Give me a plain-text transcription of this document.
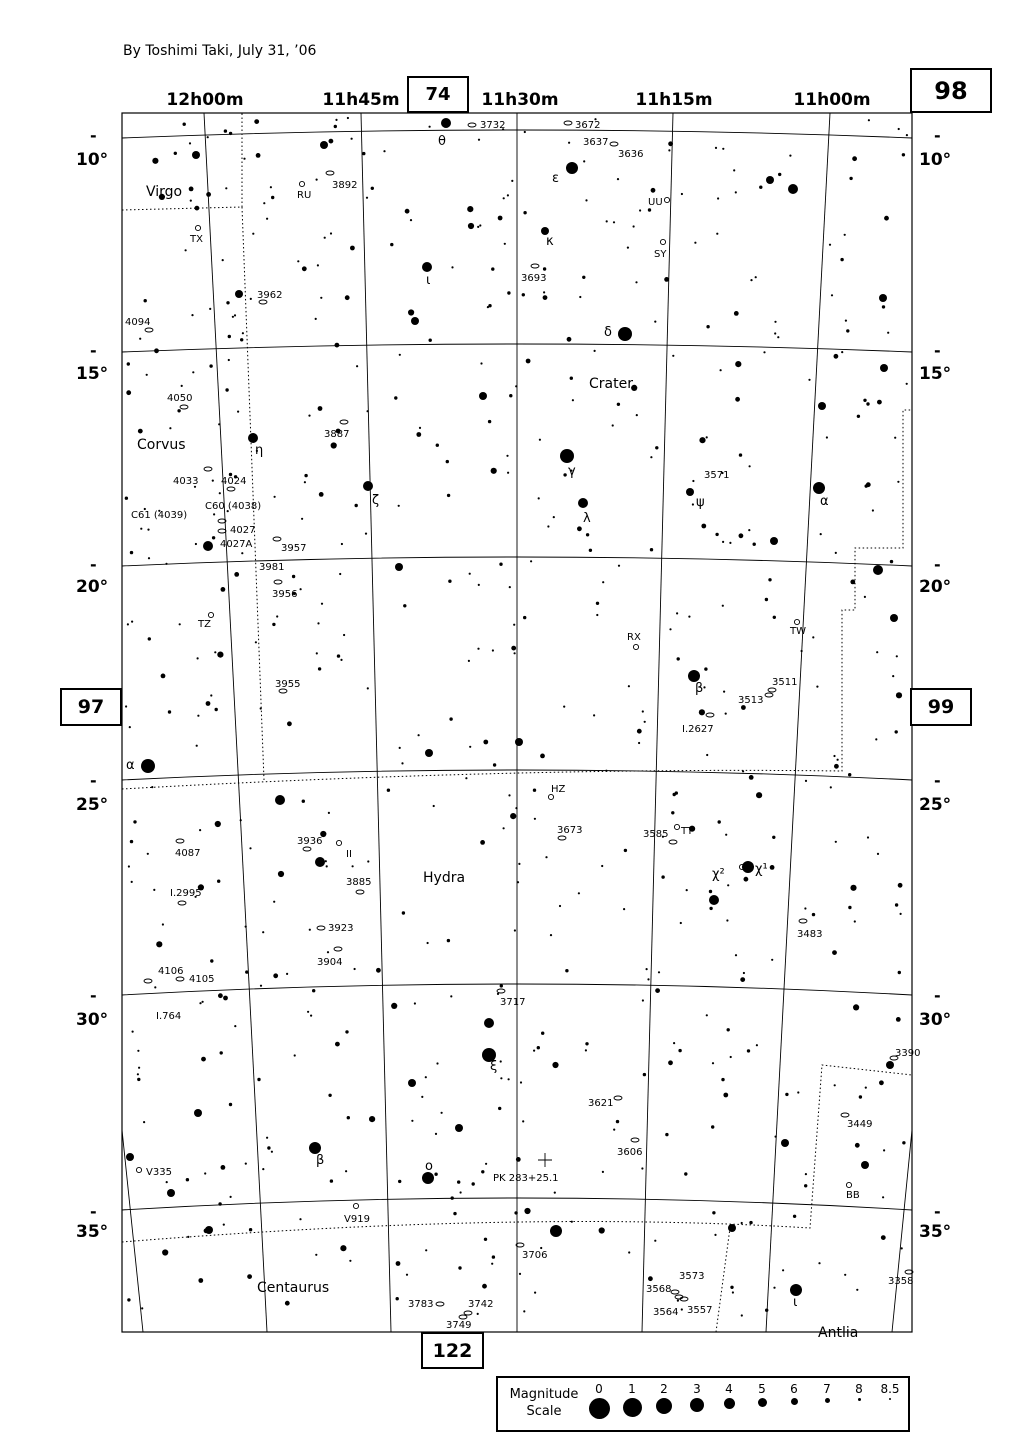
Virgo
Crater
Corvus
Hydra
Centaurus
Antlia
θ
ε
κ
ι
δ
η
γ
ζ
λ
ψ	α
β
α
χ² χ¹
ξ
β	o
ι
RU
TX
UU
SY
TZ
RX
TW
HZ
II
TT
V335
V919
BB
3732	3672
3637
3636
3892
3693
3962
4094
4050
3887
4033 4024
C60 (4038)
C61 (4039)
4027
4027A	3957
3571
3981
3956
3955	3511
3513
I.2627
3673	3585
3936
4087
3885
I.2995
3923
3483
4106
4105
3904
3717
I.764
3390
3621
3449
3606
PK 283+25.1
3706
3358
3573
3568
3564 3557
3783	3742
3749
By Toshimi Taki, July 31, ’06
12h00m	11h45m	11h30m	11h15m	11h00m
-
10°
-
15°
-
20°
-
25°
-
30°
-
35°
-
10°
-
15°
-
20°
-
25°
-
30°
-
35°
74	98
97	99
122
Magnitude
Scale
0	1	2	3	4	5	6	7	8	8.5
